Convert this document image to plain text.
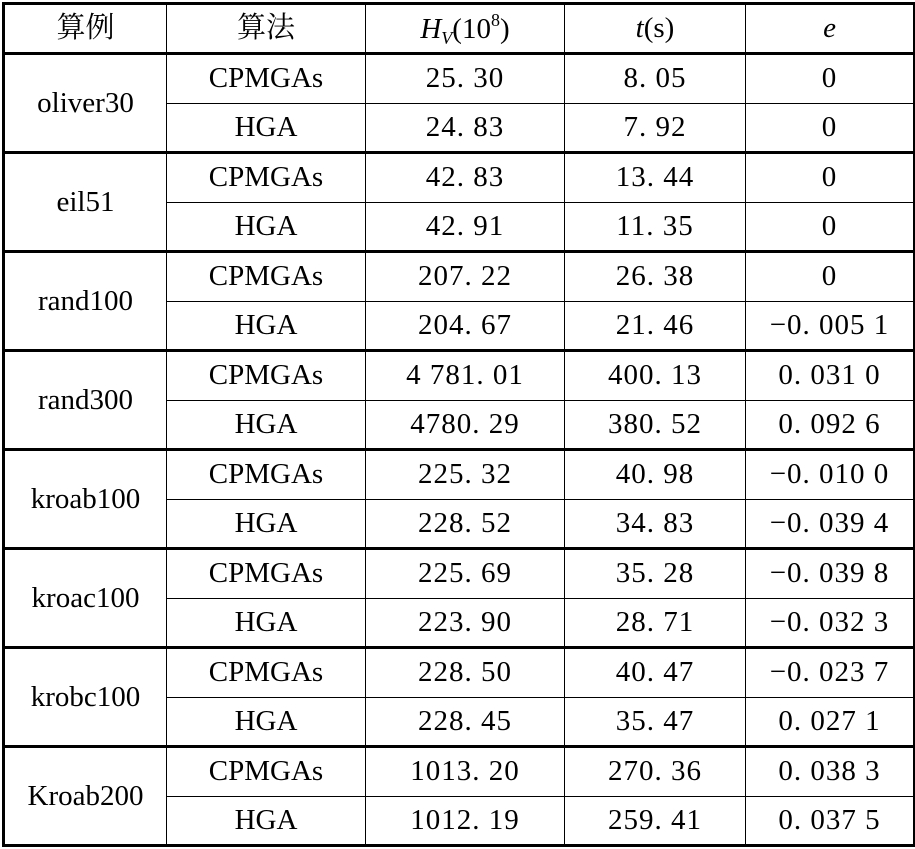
算例	算法	$H_V(10^8)$	t(s)	e
oliver30	CPMGAs	25. 30	8. 05	0
	HGA	24. 83	7. 92	0
eil51	CPMGAs	42. 83	13. 44	0
	HGA	42. 91	11. 35	0
rand100	CPMGAs	207. 22	26. 38	0
	HGA	204. 67	21. 46	−0. 005 1
rand300	CPMGAs	4 781. 01	400. 13	0. 031 0
	HGA	4780. 29	380. 52	0. 092 6
kroab100	CPMGAs	225. 32	40. 98	−0. 010 0
	HGA	228. 52	34. 83	−0. 039 4
kroac100	CPMGAs	225. 69	35. 28	−0. 039 8
	HGA	223. 90	28. 71	−0. 032 3
krobc100	CPMGAs	228. 50	40. 47	−0. 023 7
	HGA	228. 45	35. 47	0. 027 1
Kroab200	CPMGAs	1013. 20	270. 36	0. 038 3
	HGA	1012. 19	259. 41	0. 037 5
